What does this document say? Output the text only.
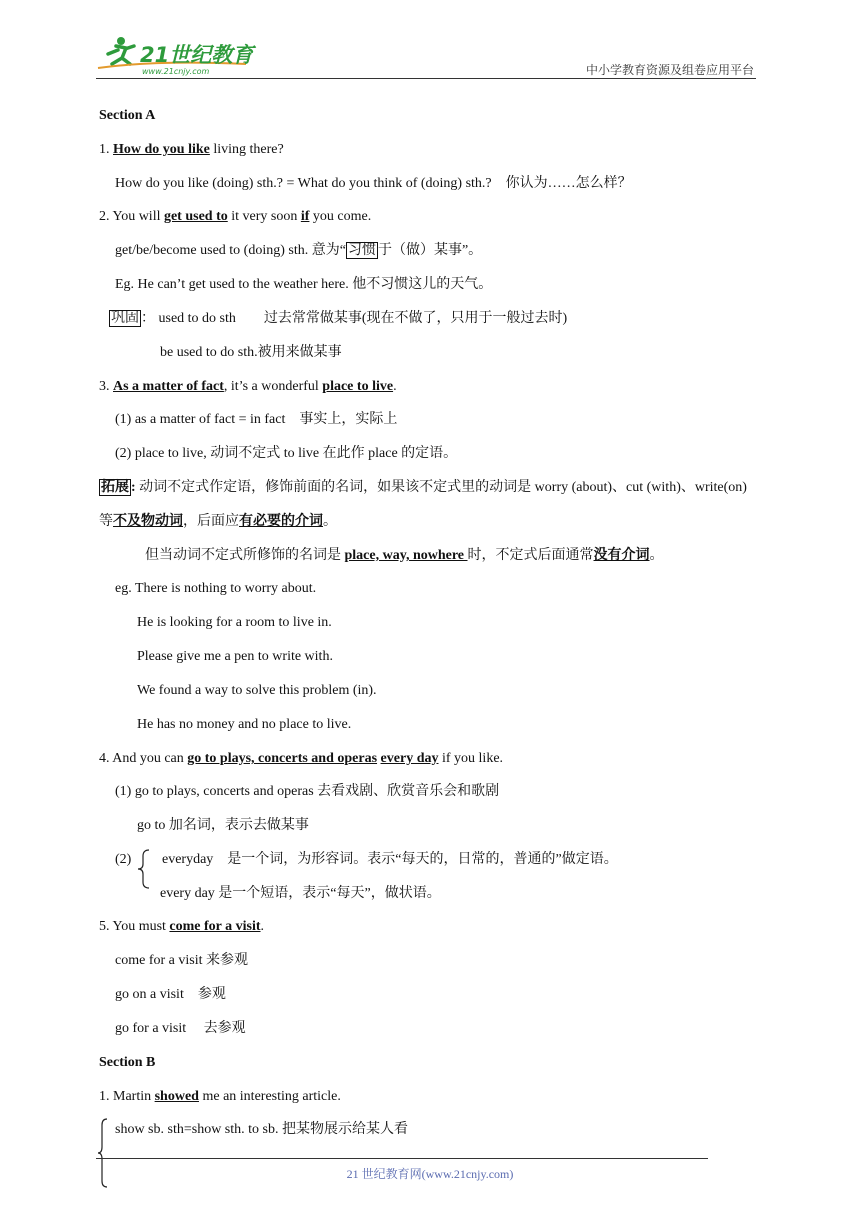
21世纪教育
www.21cnjy.com	中小学教育资源及组卷应用平台
Section A
1. How do you like living there?
How do you like (doing) sth.? = What do you think of (doing) sth.?　你认为……怎么样？
2. You will get used to it very soon if you come.
get/be/become used to (doing) sth. 意为“ 习惯 于（做）某事”。
Eg. He can’t get used to the weather here. 他不习惯这儿的天气。
巩固 ： used to do sth　　过去常常做某事(现在不做了，只用于一般过去时)
be used to do sth.被用来做某事
3. As a matter of fact, it’s a wonderful place to live.
(1) as a matter of fact = in fact　事实上，实际上
(2) place to live, 动词不定式 to live 在此作 place 的定语。
拓展 : 动词不定式作定语，修饰前面的名词，如果该不定式里的动词是 worry (about)、cut (with)、write(on)
等不及物动词，后面应有必要的介词。
但当动词不定式所修饰的名词是 place, way, nowhere 时，不定式后面通常没有介词。
eg. There is nothing to worry about.
He is looking for a room to live in.
Please give me a pen to write with.
We found a way to solve this problem (in).
He has no money and no place to live.
4. And you can go to plays, concerts and operas every day if you like.
(1) go to plays, concerts and operas 去看戏剧、欣赏音乐会和歌剧
go to 加名词，表示去做某事
(2) everyday　是一个词，为形容词。表示“每天的，日常的，普通的”做定语。
every day 是一个短语，表示“每天”，做状语。
5. You must come for a visit.
come for a visit 来参观
go on a visit　参观
go for a visit　 去参观
Section B
1. Martin showed me an interesting article.
show sb. sth=show sth. to sb. 把某物展示给某人看
21 世纪教育网(www.21cnjy.com)
